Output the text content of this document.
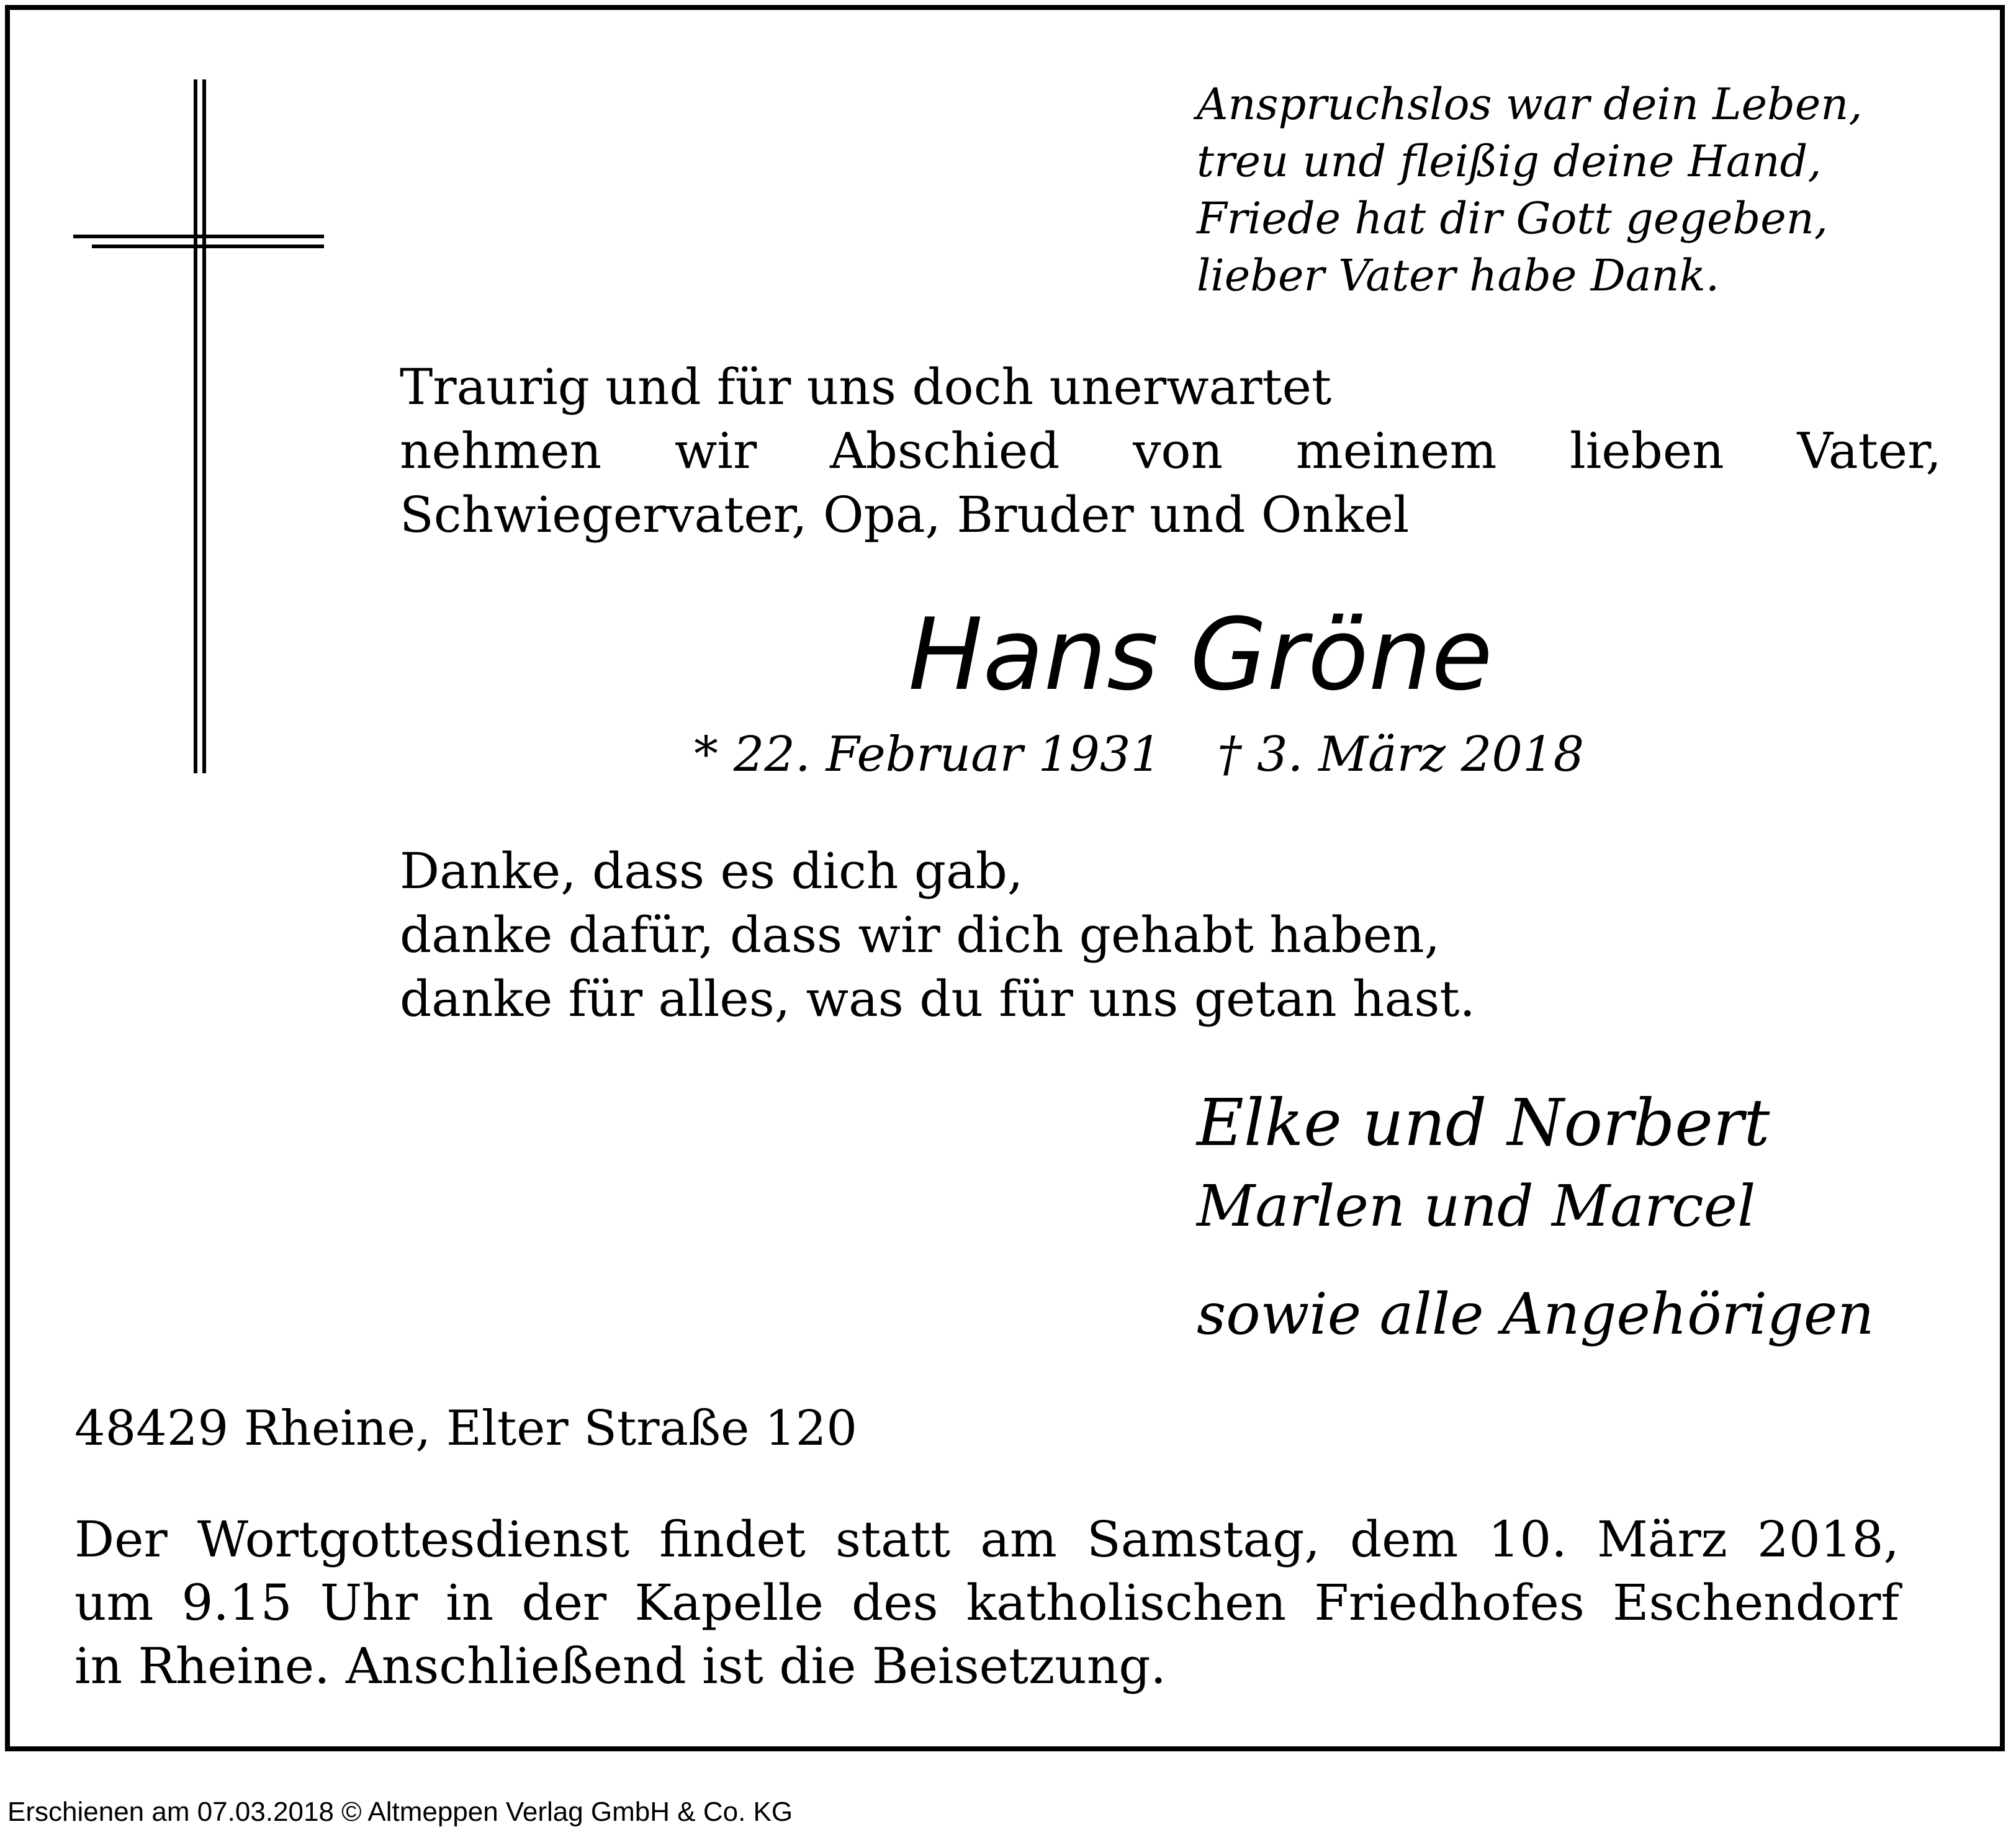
Anspruchslos war dein Leben,
treu und fleißig deine Hand,
Friede hat dir Gott gegeben,
lieber Vater habe Dank.
Traurig und für uns doch unerwartet
nehmen wir Abschied von meinem lieben Vater,
Schwiegervater, Opa, Bruder und Onkel
Hans Gröne
* 22. Februar 1931 † 3. März 2018
Danke, dass es dich gab,
danke dafür, dass wir dich gehabt haben,
danke für alles, was du für uns getan hast.
Elke und Norbert
Marlen und Marcel
sowie alle Angehörigen
48429 Rheine, Elter Straße 120
Der Wortgottesdienst findet statt am Samstag, dem 10. März 2018,
um 9.15 Uhr in der Kapelle des katholischen Friedhofes Eschendorf
in Rheine. Anschließend ist die Beisetzung.
Erschienen am 07.03.2018 © Altmeppen Verlag GmbH & Co. KG
